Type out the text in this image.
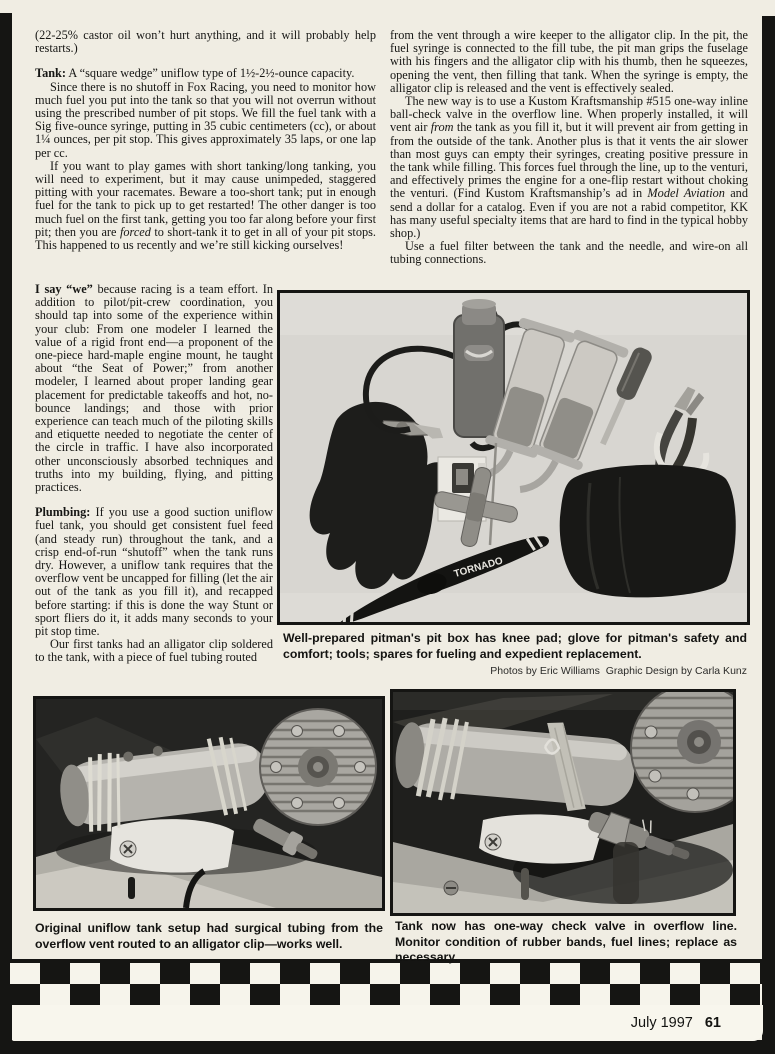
(22-25% castor oil won’t hurt anything, and it will probably help restarts.)

Tank: A “square wedge” uniflow type of 1½-2½-ounce capacity.

Since there is no shutoff in Fox Racing, you need to monitor how much fuel you put into the tank so that you will not overrun without using the prescribed number of pit stops. We fill the fuel tank with a Sig five-ounce syringe, putting in 35 cubic centimeters (cc), or about 1¼ ounces, per pit stop. This gives approximately 35 laps, or one lap per cc.

If you want to play games with short tanking/long tanking, you will need to experiment, but it may cause unimpeded, staggered pitting with your racemates. Beware a too-short tank; put in enough fuel for the tank to pick up to get restarted! The other danger is too much fuel on the first tank, getting you too far along before your first pit; then you are forced to short-tank it to get in all of your pit stops. This happened to us recently and we’re still kicking ourselves!

from the vent through a wire keeper to the alligator clip. In the pit, the fuel syringe is connected to the fill tube, the pit man grips the fuselage with his fingers and the alligator clip with his thumb, then he squeezes, opening the vent, then filling that tank. When the syringe is empty, the alligator clip is released and the vent is effectively sealed.

The new way is to use a Kustom Kraftsmanship #515 one-way inline ball-check valve in the overflow line. When properly installed, it will vent air from the tank as you fill it, but it will prevent air from getting in from the outside of the tank. Another plus is that it vents the air slower than most guys can empty their syringes, creating positive pressure in the tank while filling. This forces fuel through the line, up to the venturi, and effectively primes the engine for a one-flip restart without choking the venturi. (Find Kustom Kraftsmanship’s ad in Model Aviation and send a dollar for a catalog. Even if you are not a rabid competitor, KK has many useful specialty items that are hard to find in the typical hobby shop.)

Use a fuel filter between the tank and the needle, and wire-on all tubing connections.

I say “we” because racing is a team effort. In addition to pilot/pit-crew coordination, you should tap into some of the experience within your club: From one modeler I learned the value of a rigid front end—a proponent of the one-piece hard-maple engine mount, he taught about “the Seat of Power;” from another modeler, I learned about proper landing gear placement for predictable takeoffs and hot, no-bounce landings; and those with prior experience can teach much of the piloting skills and etiquette needed to negotiate the center of the circle in traffic. I have also incorporated other unconsciously absorbed techniques and truths into my building, flying, and pitting practices.

Plumbing: If you use a good suction uniflow fuel tank, you should get consistent fuel feed (and steady run) throughout the tank, and a crisp end-of-run “shutoff” when the tank runs dry. However, a uniflow tank requires that the overflow vent be uncapped for filling (let the air out of the tank as you fill it), and recapped before starting: if this is done the way Stunt or sport fliers do it, it adds many seconds to your pit stop time.

Our first tanks had an alligator clip soldered to the tank, with a piece of fuel tubing routed

TORNADO
Well-prepared pitman's pit box has knee pad; glove for pitman's safety and comfort; tools; spares for fueling and expedient replacement.
Photos by Eric Williams  Graphic Design by Carla Kunz
Original uniflow tank setup had surgical tubing from the overflow vent routed to an alligator clip—works well.
Tank now has one-way check valve in overflow line. Monitor condition of rubber bands, fuel lines; replace as necessary.
July 1997 61
